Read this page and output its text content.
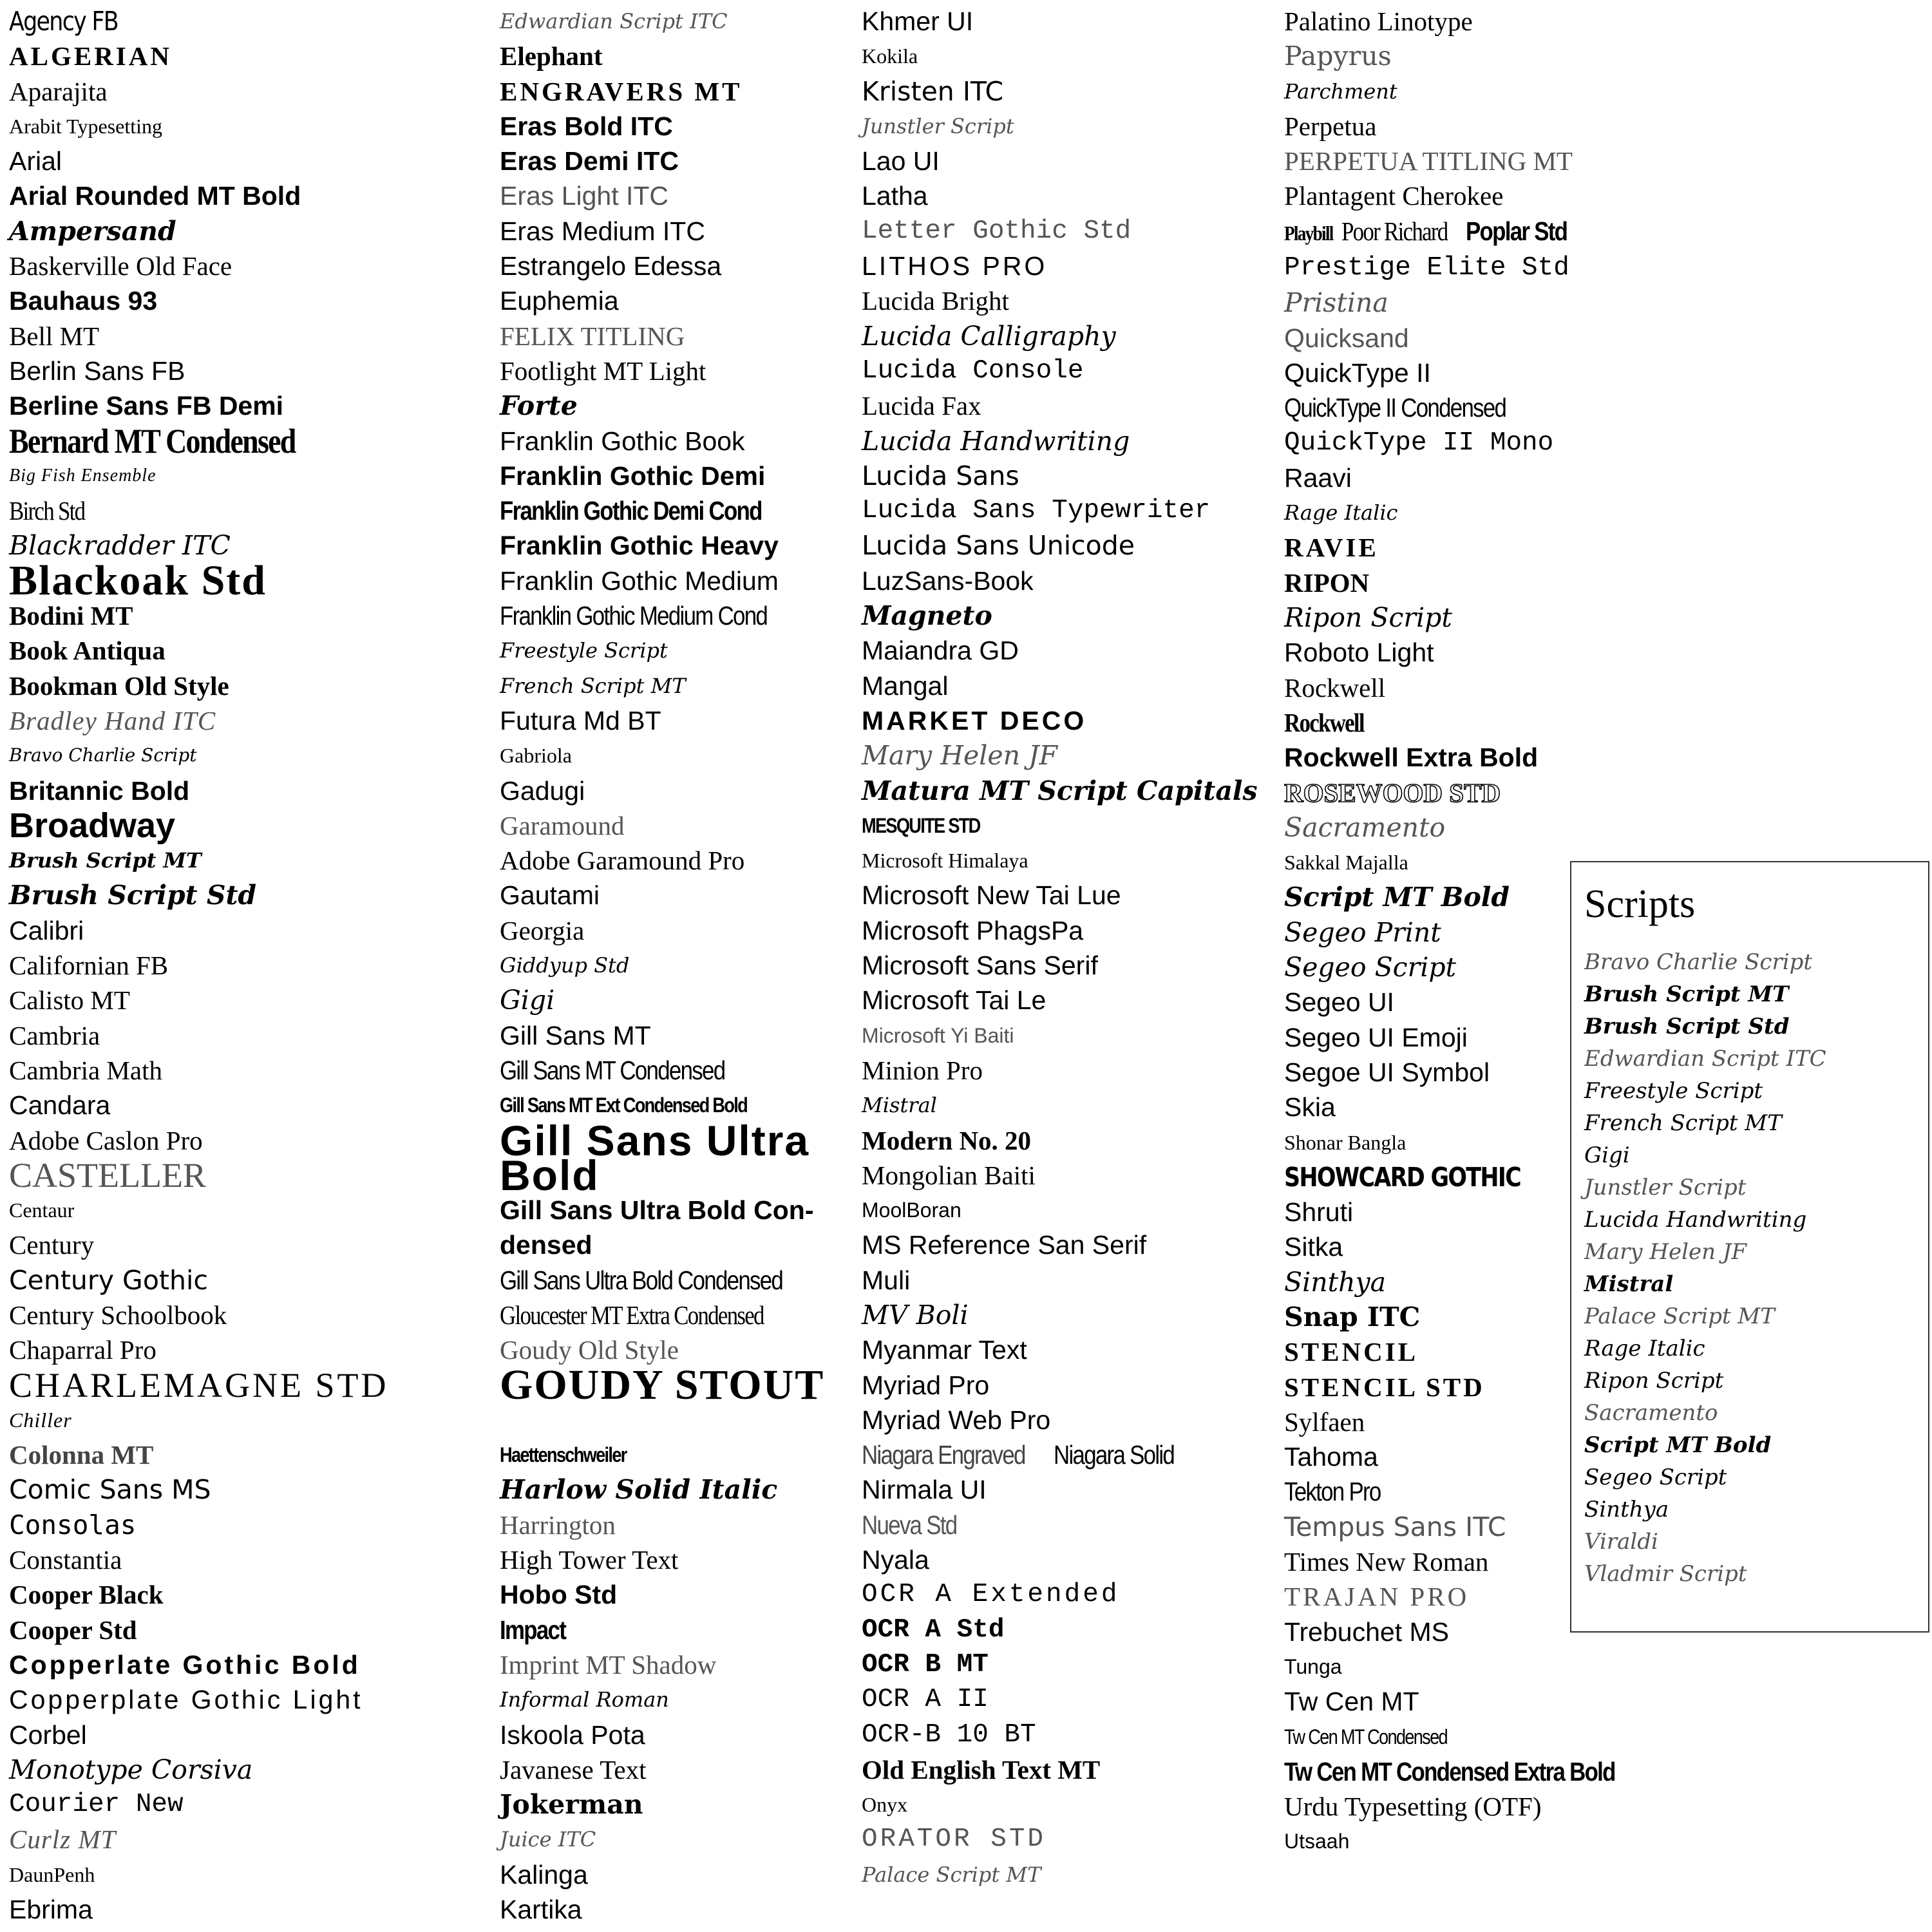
Agency FB
ALGERIAN
Aparajita
Arabit Typesetting
Arial
Arial Rounded MT Bold
Ampersand
Baskerville Old Face
Bauhaus 93
Bell MT
Berlin Sans FB
Berline Sans FB Demi
Bernard MT Condensed
Big Fish Ensemble
Birch Std
Blackradder ITC
Blackoak Std
Bodini MT
Book Antiqua
Bookman Old Style
Bradley Hand ITC
Bravo Charlie Script
Britannic Bold
Broadway
Brush Script MT
Brush Script Std
Calibri
Californian FB
Calisto MT
Cambria
Cambria Math
Candara
Adobe Caslon Pro
CASTELLER
Centaur
Century
Century Gothic
Century Schoolbook
Chaparral Pro
CHARLEMAGNE STD
Chiller
Colonna MT
Comic Sans MS
Consolas
Constantia
Cooper Black
Cooper Std
Copperlate Gothic Bold
Copperplate Gothic Light
Corbel
Monotype Corsiva
Courier New
Curlz MT
DaunPenh
Ebrima
Edwardian Script ITC
Elephant
ENGRAVERS MT
Eras Bold ITC
Eras Demi ITC
Eras Light ITC
Eras Medium ITC
Estrangelo Edessa
Euphemia
FELIX TITLING
Footlight MT Light
Forte
Franklin Gothic Book
Franklin Gothic Demi
Franklin Gothic Demi Cond
Franklin Gothic Heavy
Franklin Gothic Medium
Franklin Gothic Medium Cond
Freestyle Script
French Script MT
Futura Md BT
Gabriola
Gadugi
Garamound
Adobe Garamound Pro
Gautami
Georgia
Giddyup Std
Gigi
Gill Sans MT
Gill Sans MT CondensedGill Sans MT Ext Condensed Bold
Gill Sans Ultra Bold
Gill Sans Ultra Bold Con-densed
Gill Sans Ultra Bold CondensedGloucester MT Extra Condensed
Goudy Old Style
GOUDY STOUT
Haettenschweiler
Harlow Solid Italic
Harrington
High Tower Text
Hobo Std
Impact
Imprint MT Shadow
Informal Roman
Iskoola Pota
Javanese Text
Jokerman
Juice ITC
Kalinga
Kartika
Khmer UI
Kokila
Kristen ITC
Junstler Script
Lao UI
Latha
Letter Gothic Std
LITHOS PRO
Lucida Bright
Lucida Calligraphy
Lucida Console
Lucida Fax
Lucida Handwriting
Lucida Sans
Lucida Sans Typewriter
Lucida Sans Unicode
LuzSans-Book
Magneto
Maiandra GD
Mangal
MARKET DECO
Mary Helen JF
Matura MT Script Capitals
MESQUITE STD
Microsoft Himalaya
Microsoft New Tai Lue
Microsoft PhagsPa
Microsoft Sans Serif
Microsoft Tai Le
Microsoft Yi Baiti
Minion Pro
Mistral
Modern No. 20
Mongolian Baiti
MoolBoran
MS Reference San Serif
Muli
MV Boli
Myanmar Text
Myriad Pro
Myriad Web Pro
Niagara Engraved Niagara Solid
Nirmala UI
Nueva Std
Nyala
OCR A Extended
OCR A Std
OCR B MT
OCR A II
OCR-B 10 BT
Old English Text MT
Onyx
ORATOR STD
Palace Script MT
Palatino Linotype
Papyrus
Parchment
Perpetua
PERPETUA TITLING MT
Plantagent Cherokee
Playbill Poor Richard Poplar Std
Prestige Elite Std
Pristina
Quicksand
QuickType II
QuickType II Condensed
QuickType II Mono
Raavi
Rage Italic
RAVIE
RIPON
Ripon Script
Roboto Light
Rockwell
Rockwell
Rockwell Extra Bold
ROSEWOOD STD
Sacramento
Sakkal Majalla
Script MT Bold
Segeo Print
Segeo Script
Segeo UI
Segeo UI Emoji
Segoe UI Symbol
Skia
Shonar Bangla
SHOWCARD GOTHIC
Shruti
Sitka
Sinthya
Snap ITC
STENCIL
STENCIL STD
Sylfaen
Tahoma
Tekton Pro
Tempus Sans ITC
Times New Roman
TRAJAN PRO
Trebuchet MS
Tunga
Tw Cen MT
Tw Cen MT CondensedTw Cen MT Condensed Extra Bold
Urdu Typesetting (OTF)
Utsaah
Scripts
Bravo Charlie Script
Brush Script MT
Brush Script Std
Edwardian Script ITC
Freestyle Script
French Script MT
Gigi
Junstler Script
Lucida Handwriting
Mary Helen JF
Mistral
Palace Script MT
Rage Italic
Ripon Script
Sacramento
Script MT Bold
Segeo Script
Sinthya
Viraldi
Vladmir Script
